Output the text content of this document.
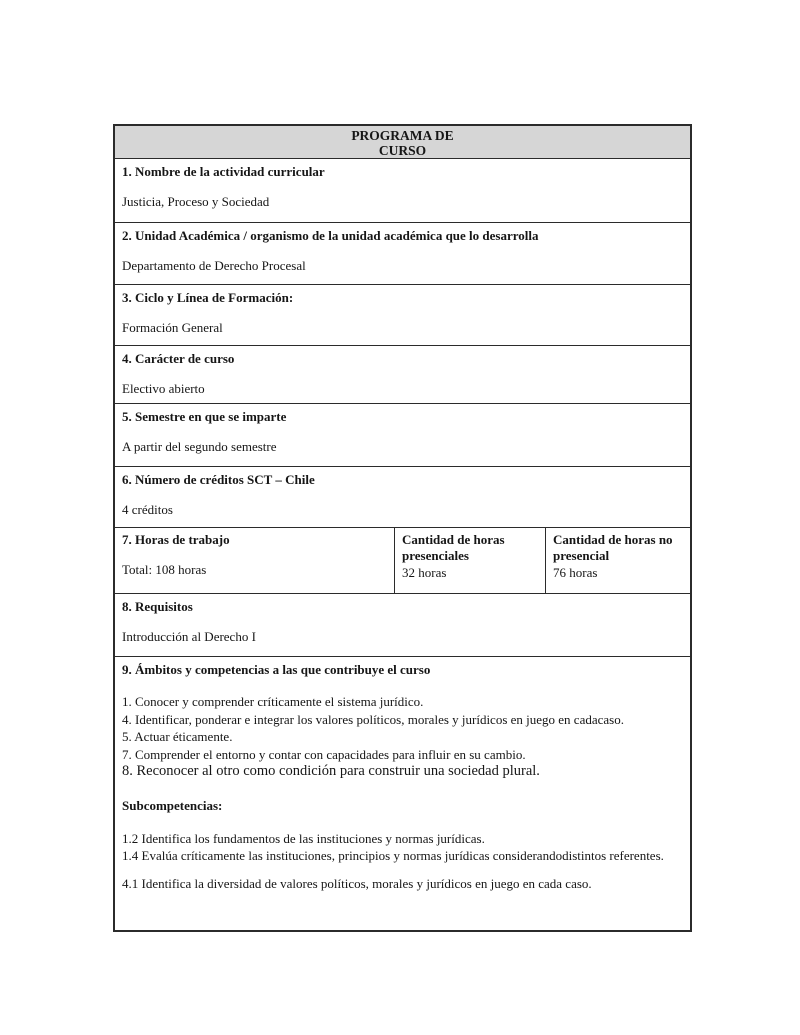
PROGRAMA DE
CURSO
1. Nombre de la actividad curricular
Justicia, Proceso y Sociedad
2. Unidad Académica / organismo de la unidad académica que lo desarrolla
Departamento de Derecho Procesal
3. Ciclo y Línea de Formación:
Formación General
4. Carácter de curso
Electivo abierto
5. Semestre en que se imparte
A partir del segundo semestre
6. Número de créditos SCT – Chile
4 créditos
7. Horas de trabajo
Total: 108 horas
Cantidad de horas presenciales
32 horas
Cantidad de horas no presencial
76 horas
8. Requisitos
Introducción al Derecho I
9. Ámbitos y competencias a las que contribuye el curso
1. Conocer y comprender críticamente el sistema jurídico.
4. Identificar, ponderar e integrar los valores políticos, morales y jurídicos en juego en cadacaso.
5. Actuar éticamente.
7. Comprender el entorno y contar con capacidades para influir en su cambio.
8. Reconocer al otro como condición para construir una sociedad plural.
Subcompetencias:
1.2 Identifica los fundamentos de las instituciones y normas jurídicas.
1.4 Evalúa críticamente las instituciones, principios y normas jurídicas considerandodistintos referentes.
4.1 Identifica la diversidad de valores políticos, morales y jurídicos en juego en cada caso.
